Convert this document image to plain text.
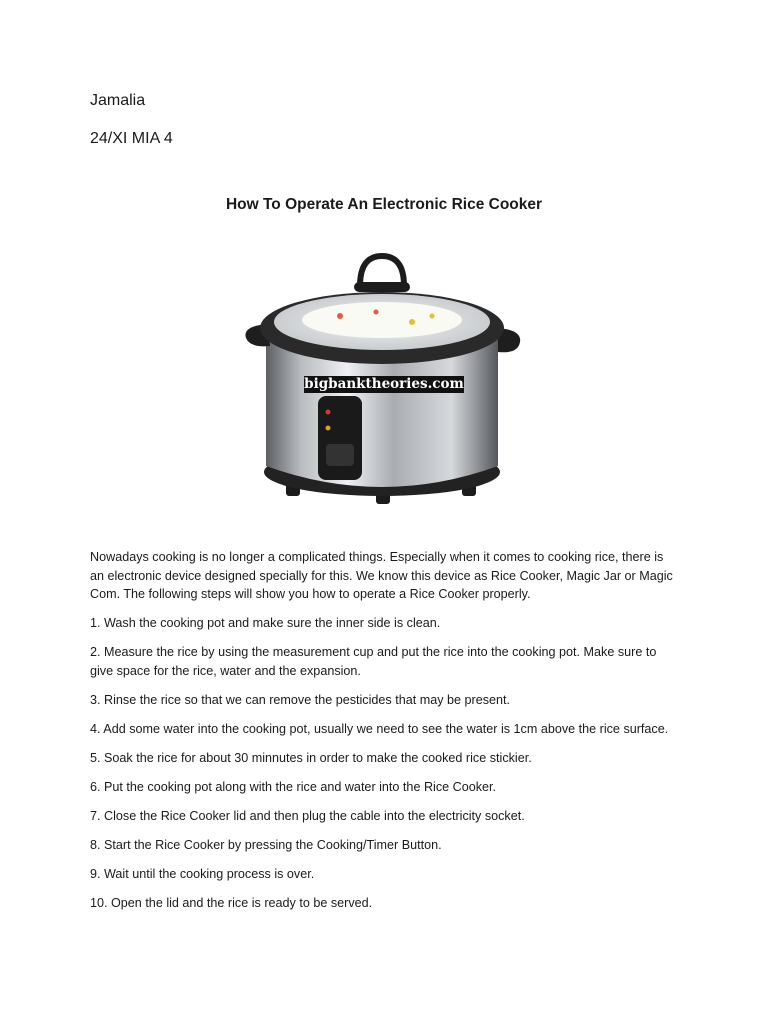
Jamalia
24/XI MIA 4
How To Operate An Electronic Rice Cooker
bigbanktheories.com
Nowadays cooking is no longer a complicated things. Especially when it comes to cooking rice, there is an electronic device designed specially for this. We know this device as Rice Cooker, Magic Jar or Magic Com. The following steps will show you how to operate a Rice Cooker properly.
1. Wash the cooking pot and make sure the inner side is clean.
2. Measure the rice by using the measurement cup and put the rice into the cooking pot. Make sure to give space for the rice, water and the expansion.
3. Rinse the rice so that we can remove the pesticides that may be present.
4. Add some water into the cooking pot, usually we need to see the water is 1cm above the rice surface.
5. Soak the rice for about 30 minnutes in order to make the cooked rice stickier.
6. Put the cooking pot along with the rice and water into the Rice Cooker.
7. Close the Rice Cooker lid and then plug the cable into the electricity socket.
8. Start the Rice Cooker by pressing the Cooking/Timer Button.
9. Wait until the cooking process is over.
10. Open the lid and the rice is ready to be served.
